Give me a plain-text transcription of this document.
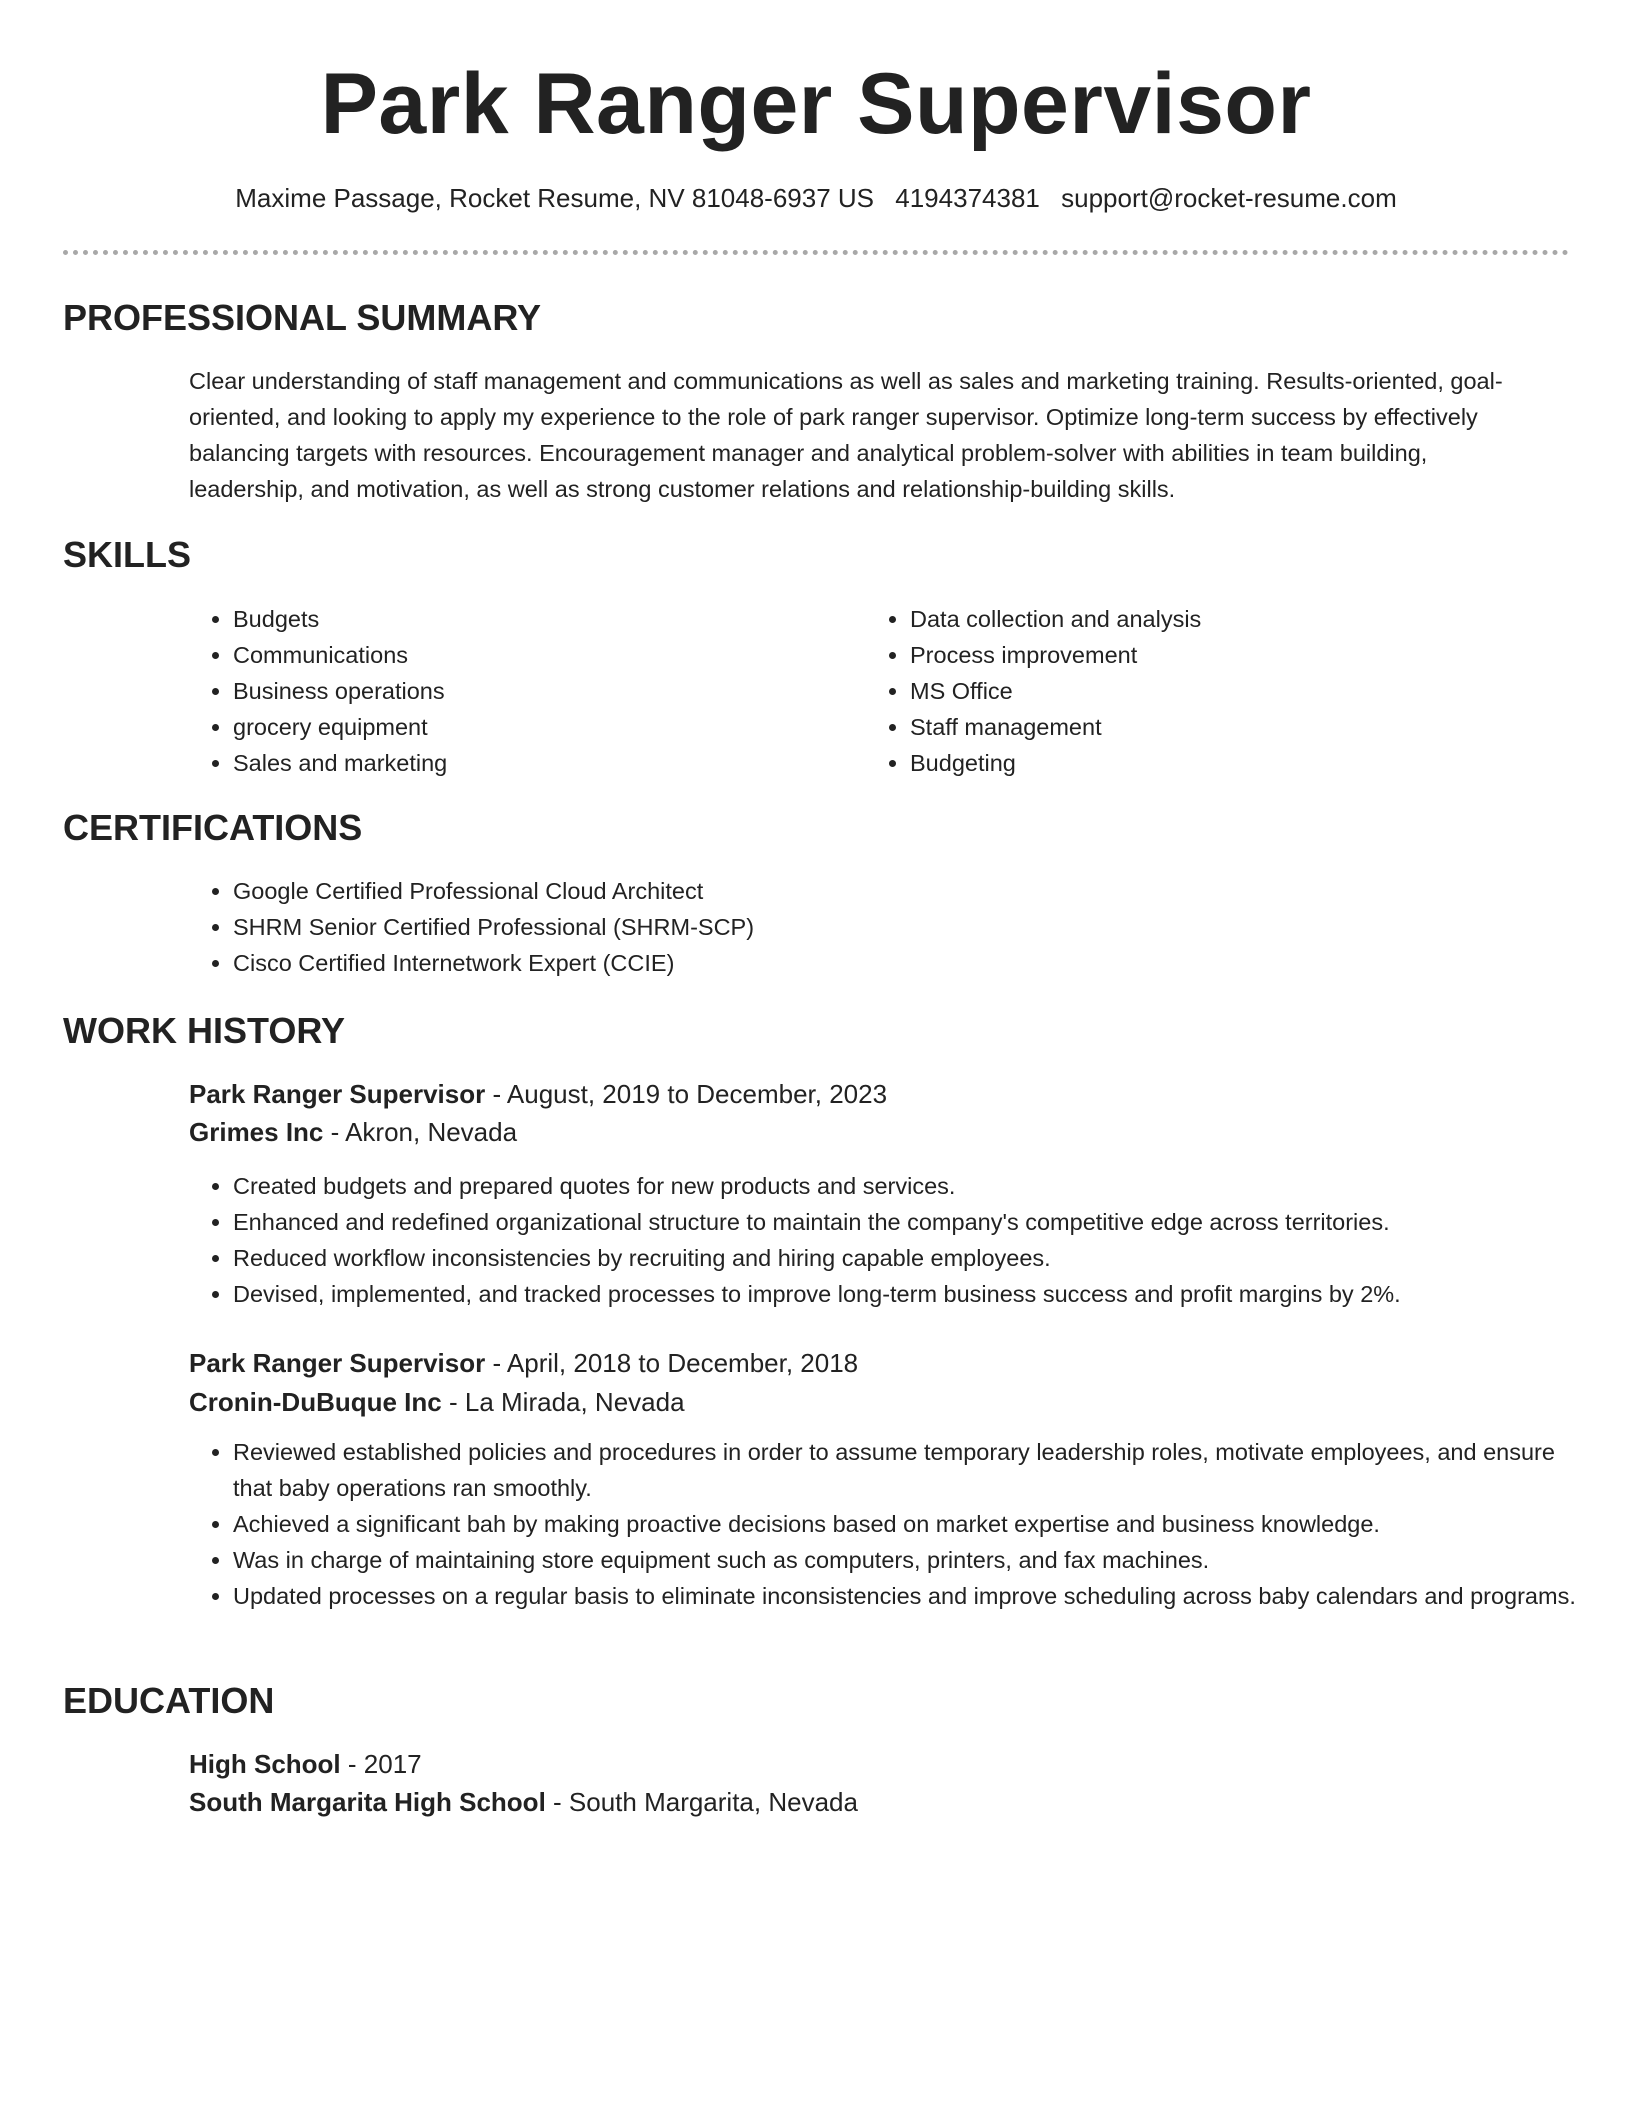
Park Ranger Supervisor
Maxime Passage, Rocket Resume, NV 81048-6937 US 4194374381 support@rocket-resume.com
PROFESSIONAL SUMMARY

Clear understanding of staff management and communications as well as sales and marketing training. Results-oriented, goal-oriented, and looking to apply my experience to the role of park ranger supervisor. Optimize long-term success by effectively balancing targets with resources. Encouragement manager and analytical problem-solver with abilities in team building, leadership, and motivation, as well as strong customer relations and relationship-building skills.

SKILLS
• Budgets
• Communications
• Business operations
• grocery equipment
• Sales and marketing
• Data collection and analysis
• Process improvement
• MS Office
• Staff management
• Budgeting
CERTIFICATIONS
• Google Certified Professional Cloud Architect
• SHRM Senior Certified Professional (SHRM-SCP)
• Cisco Certified Internetwork Expert (CCIE)
WORK HISTORY

Park Ranger Supervisor - August, 2019 to December, 2023

Grimes Inc - Akron, Nevada

• Created budgets and prepared quotes for new products and services.
• Enhanced and redefined organizational structure to maintain the company's competitive edge across territories.
• Reduced workflow inconsistencies by recruiting and hiring capable employees.
• Devised, implemented, and tracked processes to improve long-term business success and profit margins by 2%.

Park Ranger Supervisor - April, 2018 to December, 2018

Cronin-DuBuque Inc - La Mirada, Nevada

• Reviewed established policies and procedures in order to assume temporary leadership roles, motivate employees, and ensure that baby operations ran smoothly.
• Achieved a significant bah by making proactive decisions based on market expertise and business knowledge.
• Was in charge of maintaining store equipment such as computers, printers, and fax machines.
• Updated processes on a regular basis to eliminate inconsistencies and improve scheduling across baby calendars and programs.
EDUCATION

High School - 2017

South Margarita High School - South Margarita, Nevada
